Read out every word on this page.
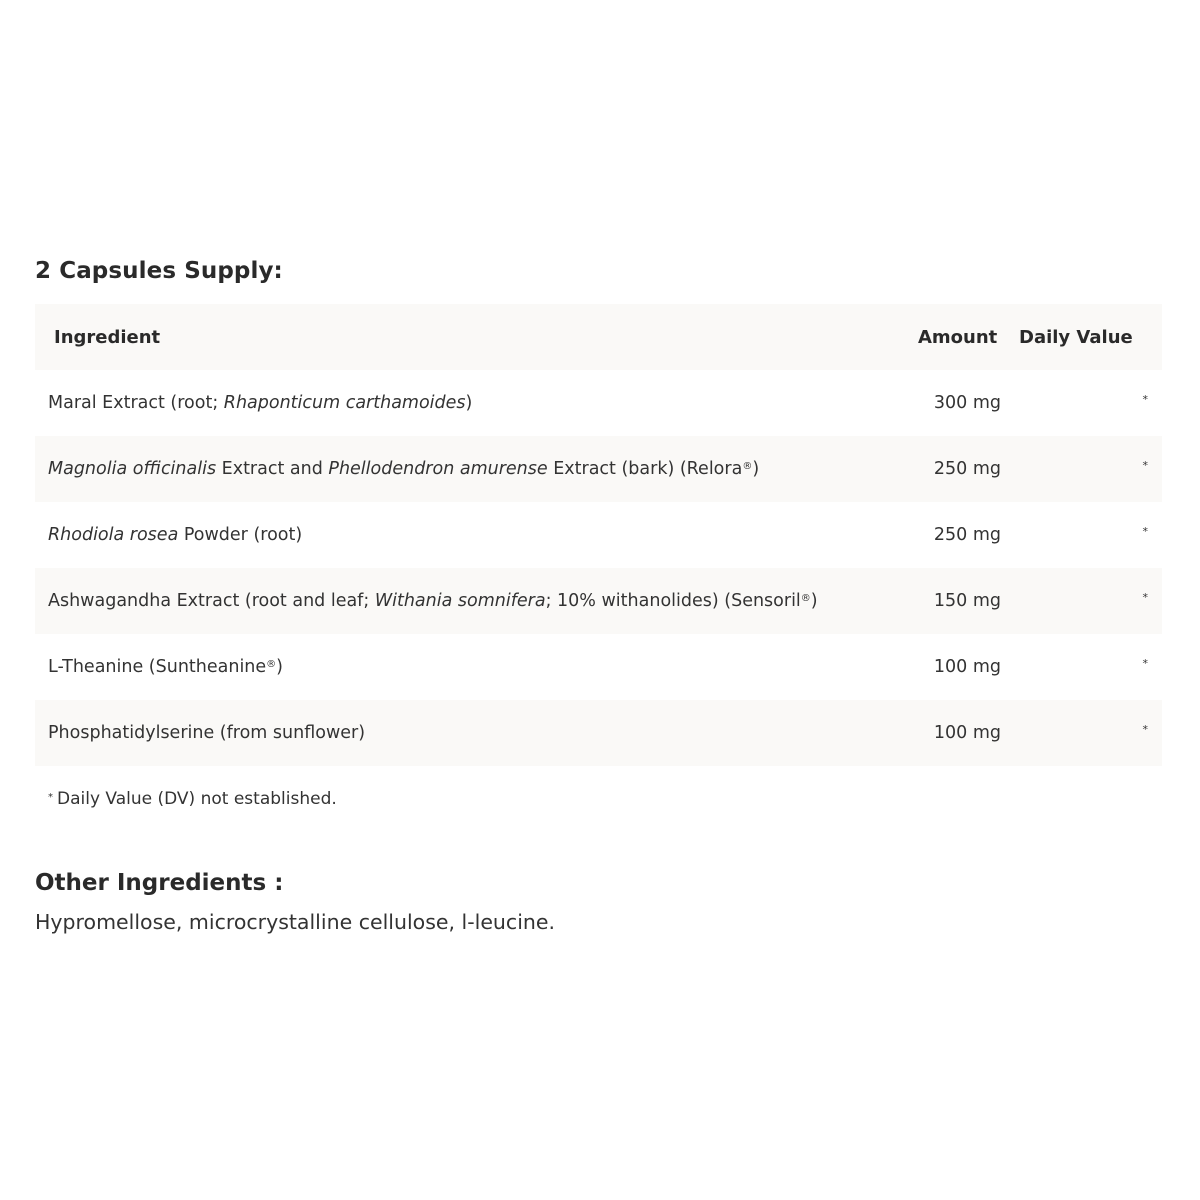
2 Capsules Supply:
Ingredient	Amount	Daily Value
Maral Extract (root; Rhaponticum carthamoides)	300 mg	*
Magnolia officinalis Extract and Phellodendron amurense Extract (bark) (Relora®)	250 mg	*
Rhodiola rosea Powder (root)	250 mg	*
Ashwagandha Extract (root and leaf; Withania somnifera; 10% withanolides) (Sensoril®)	150 mg	*
L-Theanine (Suntheanine®)	100 mg	*
Phosphatidylserine (from sunflower)	100 mg	*

* Daily Value (DV) not established.

Other Ingredients :

Hypromellose, microcrystalline cellulose, l-leucine.
